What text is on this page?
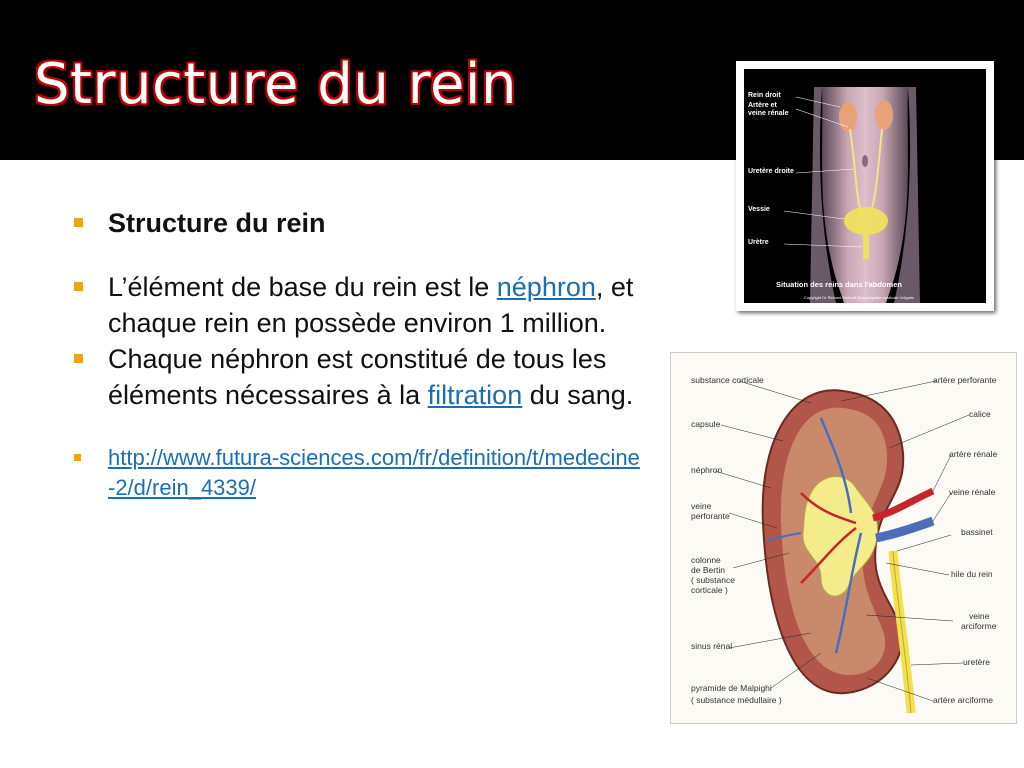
Structure du rein
Structure du rein
L’élément de base du rein est le néphron, et chaque rein en possède environ 1 million.
Chaque néphron est constitué de tous les éléments nécessaires à la filtration du sang.
http://www.futura-sciences.com/fr/definition/t/medecine-2/d/rein_4339/
Rein droit
Artère et
veine rénale
Uretère droite
Vessie
Urètre
Situation des reins dans l'abdomen
Copyright Dr Richard Hartzoff-Encyclopédie médicale Vulgaris
substance corticale
capsule
néphron
veine
perforante
colonne
de Bertin
( substance
corticale )
sinus rénal
pyramide de Malpighi
( substance médullaire )
artère perforante
calice
artère rénale
veine rénale
bassinet
hile du rein
veine
arciforme
uretère
artère arciforme
